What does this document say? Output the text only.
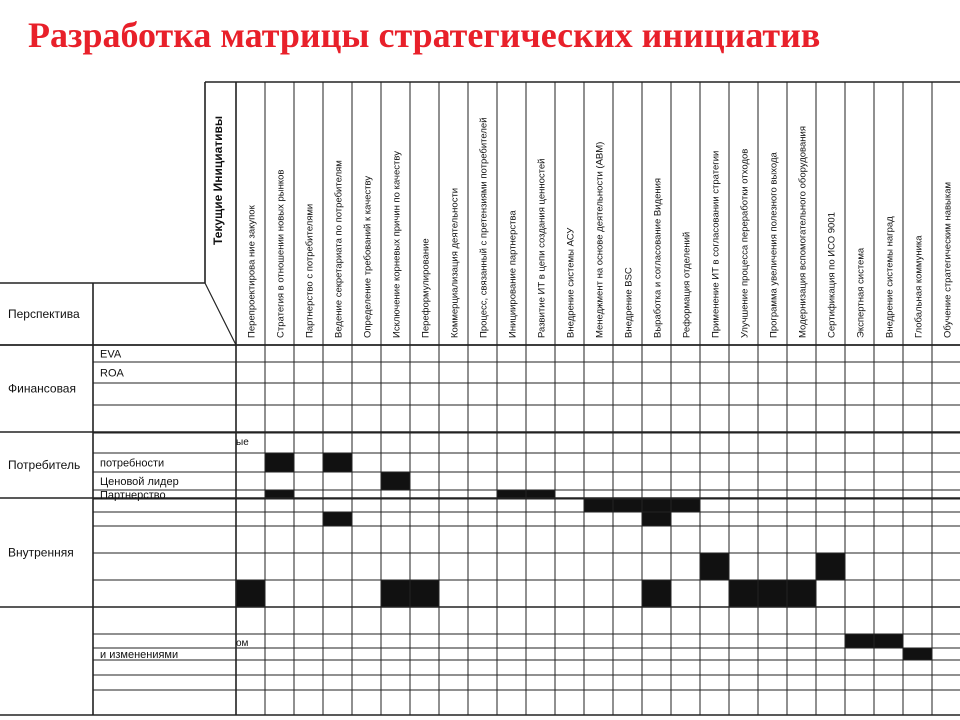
Разработка матрицы стратегических инициатив
Текущие Инициативы
Перепроектирова ние закупок Стратегия в отношении новых рынков Партнерство с потребителями Ведение секретариата по потребителям Определение требований к качеству Исключение корневых причин по качеству Переформулирование Коммерциализация деятельности Процесс, связанный с претензиями потребителей Инициирование партнерства Развитие ИТ в цепи создания ценностей Внедрение системы АСУ Менеджмент на основе деятельности (АВМ) Внедрение BSC Выработка и согласование Видения Реформация отделений Применение ИТ в согласовании стратегии Улучшение процесса переработки отходов Программа увеличения полезного выхода Модернизация вспомогательного оборудования Сертификация по ИСО 9001 Экспертная система Внедрение системы наград Глобальная коммуника Обучение стратегическим навыкам
Перспектива
Финансовая
Потребитель
Внутренняя
EVA
ROA
потребности
Ценовой лидер
Партнерство
и изменениями
ые
ом
